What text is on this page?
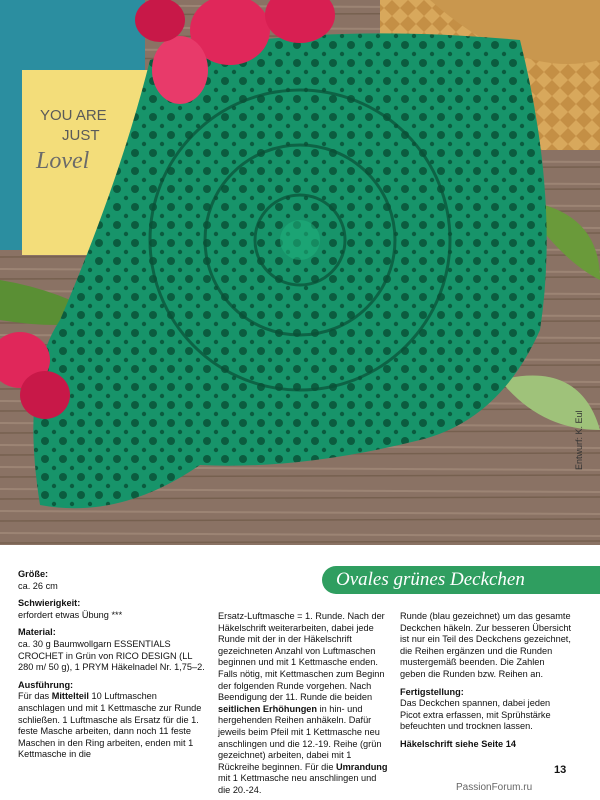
YOU ARE
JUST
Lovel
Entwurf: K. Eul
Ovales grünes Deckchen

Größe:

ca. 26 cm

Schwierigkeit:

erfordert etwas Übung ***

Material:

ca. 30 g Baumwollgarn ESSENTIALS CROCHET in Grün von RICO DESIGN (LL 280 m/ 50 g), 1 PRYM Häkelnadel Nr. 1,75–2.

Ausführung:

Für das Mittelteil 10 Luftmaschen anschlagen und mit 1 Kettmasche zur Runde schließen. 1 Luftmasche als Ersatz für die 1. feste Masche arbeiten, dann noch 11 feste Maschen in den Ring arbeiten, enden mit 1 Kettmasche in die

Ersatz-Luftmasche = 1. Runde. Nach der Häkelschrift weiterarbeiten, dabei jede Runde mit der in der Häkelschrift gezeichneten Anzahl von Luftmaschen beginnen und mit 1 Kettmasche enden. Falls nötig, mit Kettmaschen zum Beginn der folgenden Runde vorgehen. Nach Beendigung der 11. Runde die beiden seitlichen Erhöhungen in hin- und hergehenden Reihen anhäkeln. Dafür jeweils beim Pfeil mit 1 Kettmasche neu anschlingen und die 12.-19. Reihe (grün gezeichnet) arbeiten, dabei mit 1 Rückreihe beginnen. Für die Umrandung mit 1 Kettmasche neu anschlingen und die 20.-24.

Runde (blau gezeichnet) um das gesamte Deckchen häkeln. Zur besseren Übersicht ist nur ein Teil des Deckchens gezeichnet, die Reihen ergänzen und die Runden mustergemäß beenden. Die Zahlen geben die Runden bzw. Reihen an.

Fertigstellung:

Das Deckchen spannen, dabei jeden Picot extra erfassen, mit Sprühstärke befeuchten und trocknen lassen.

Häkelschrift siehe Seite 14

13
PassionForum.ru
